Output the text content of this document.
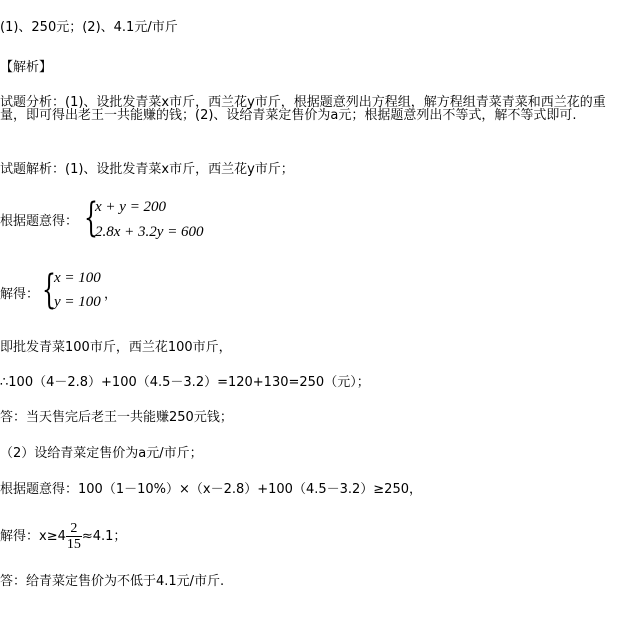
(1)、250元；(2)、4.1元/市斤
【解析】
试题分析：(1)、设批发青菜x市斤，西兰花y市斤，根据题意列出方程组，解方程组青菜青菜和西兰花的重量，即可得出老王一共能赚的钱；(2)、设给青菜定售价为a元；根据题意列出不等式，解不等式即可.
试题解析：(1)、设批发青菜x市斤，西兰花y市斤；
根据题意得： {
x + y = 200
2.8x + 3.2y = 600
解得： {
x = 100
y = 100 ，
即批发青菜100市斤，西兰花100市斤，
∴100（4－2.8）+100（4.5－3.2）=120+130=250（元）；
答：当天售完后老王一共能赚250元钱；
（2）设给青菜定售价为a元/市斤；
根据题意得：100（1－10%）×（x－2.8）+100（4.5－3.2）≥250，
解得：$x\ge 4 \frac{2}{15} \approx 4.1$；
答：给青菜定售价为不低于4.1元/市斤.
